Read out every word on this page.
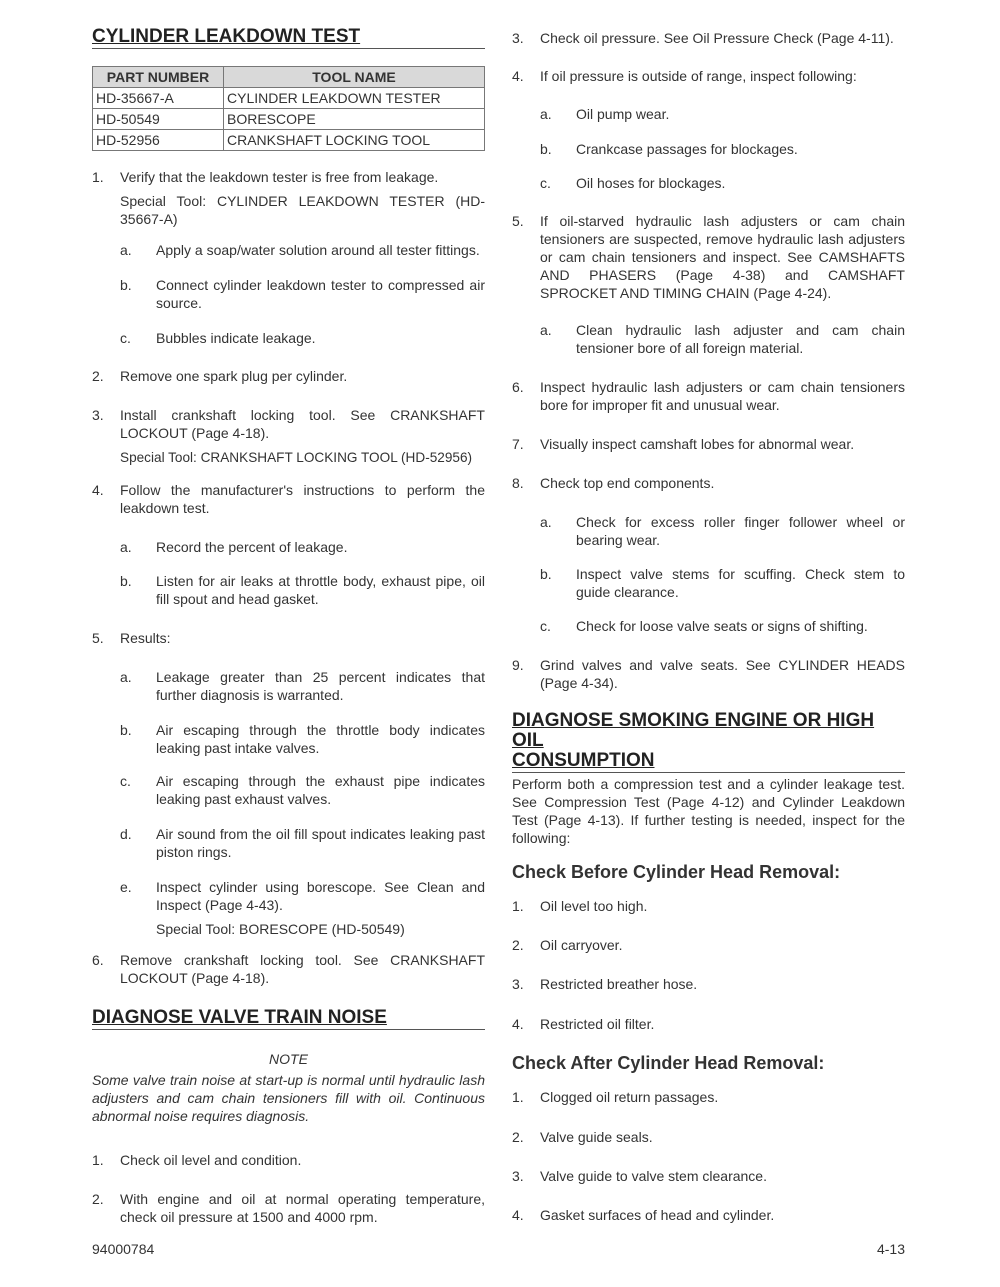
CYLINDER LEAKDOWN TEST
PART NUMBER	TOOL NAME
HD-35667-A	CYLINDER LEAKDOWN TESTER
HD-50549	BORESCOPE
HD-52956	CRANKSHAFT LOCKING TOOL
1.	Verify that the leakdown tester is free from leakage.
Special Tool: CYLINDER LEAKDOWN TESTER (HD-35667-A)
a. Apply a soap/water solution around all tester fittings.
b. Connect cylinder leakdown tester to compressed air source.
c. Bubbles indicate leakage.
2.	Remove one spark plug per cylinder.
3.	Install crankshaft locking tool. See CRANKSHAFT LOCKOUT (Page 4-18).
Special Tool: CRANKSHAFT LOCKING TOOL (HD-52956)
4.	Follow the manufacturer's instructions to perform the leakdown test.
a. Record the percent of leakage.
b. Listen for air leaks at throttle body, exhaust pipe, oil fill spout and head gasket.
5.	Results:
a. Leakage greater than 25 percent indicates that further diagnosis is warranted.
b. Air escaping through the throttle body indicates leaking past intake valves.
c. Air escaping through the exhaust pipe indicates leaking past exhaust valves.
d. Air sound from the oil fill spout indicates leaking past piston rings.
e. Inspect cylinder using borescope. See Clean and Inspect (Page 4-43).
Special Tool: BORESCOPE (HD-50549)
6.	Remove crankshaft locking tool. See CRANKSHAFT LOCKOUT (Page 4-18).
DIAGNOSE VALVE TRAIN NOISE
NOTE
Some valve train noise at start-up is normal until hydraulic lash adjusters and cam chain tensioners fill with oil. Continuous abnormal noise requires diagnosis.
1.	Check oil level and condition.
2.	With engine and oil at normal operating temperature, check oil pressure at 1500 and 4000 rpm.
3.	Check oil pressure. See Oil Pressure Check (Page 4-11).
4.	If oil pressure is outside of range, inspect following:
a. Oil pump wear.
b. Crankcase passages for blockages.
c. Oil hoses for blockages.
5.	If oil-starved hydraulic lash adjusters or cam chain tensioners are suspected, remove hydraulic lash adjusters or cam chain tensioners and inspect. See CAMSHAFTS AND PHASERS (Page 4-38) and CAMSHAFT SPROCKET AND TIMING CHAIN (Page 4-24).
a. Clean hydraulic lash adjuster and cam chain tensioner bore of all foreign material.
6.	Inspect hydraulic lash adjusters or cam chain tensioners bore for improper fit and unusual wear.
7.	Visually inspect camshaft lobes for abnormal wear.
8.	Check top end components.
a. Check for excess roller finger follower wheel or bearing wear.
b. Inspect valve stems for scuffing. Check stem to guide clearance.
c. Check for loose valve seats or signs of shifting.
9.	Grind valves and valve seats. See CYLINDER HEADS (Page 4-34).
DIAGNOSE SMOKING ENGINE OR HIGH OIL
CONSUMPTION
Perform both a compression test and a cylinder leakage test. See Compression Test (Page 4-12) and Cylinder Leakdown Test (Page 4-13). If further testing is needed, inspect for the following:
Check Before Cylinder Head Removal:
1.	Oil level too high.
2.	Oil carryover.
3.	Restricted breather hose.
4.	Restricted oil filter.
Check After Cylinder Head Removal:
1.	Clogged oil return passages.
2.	Valve guide seals.
3.	Valve guide to valve stem clearance.
4.	Gasket surfaces of head and cylinder.
94000784	4-13
